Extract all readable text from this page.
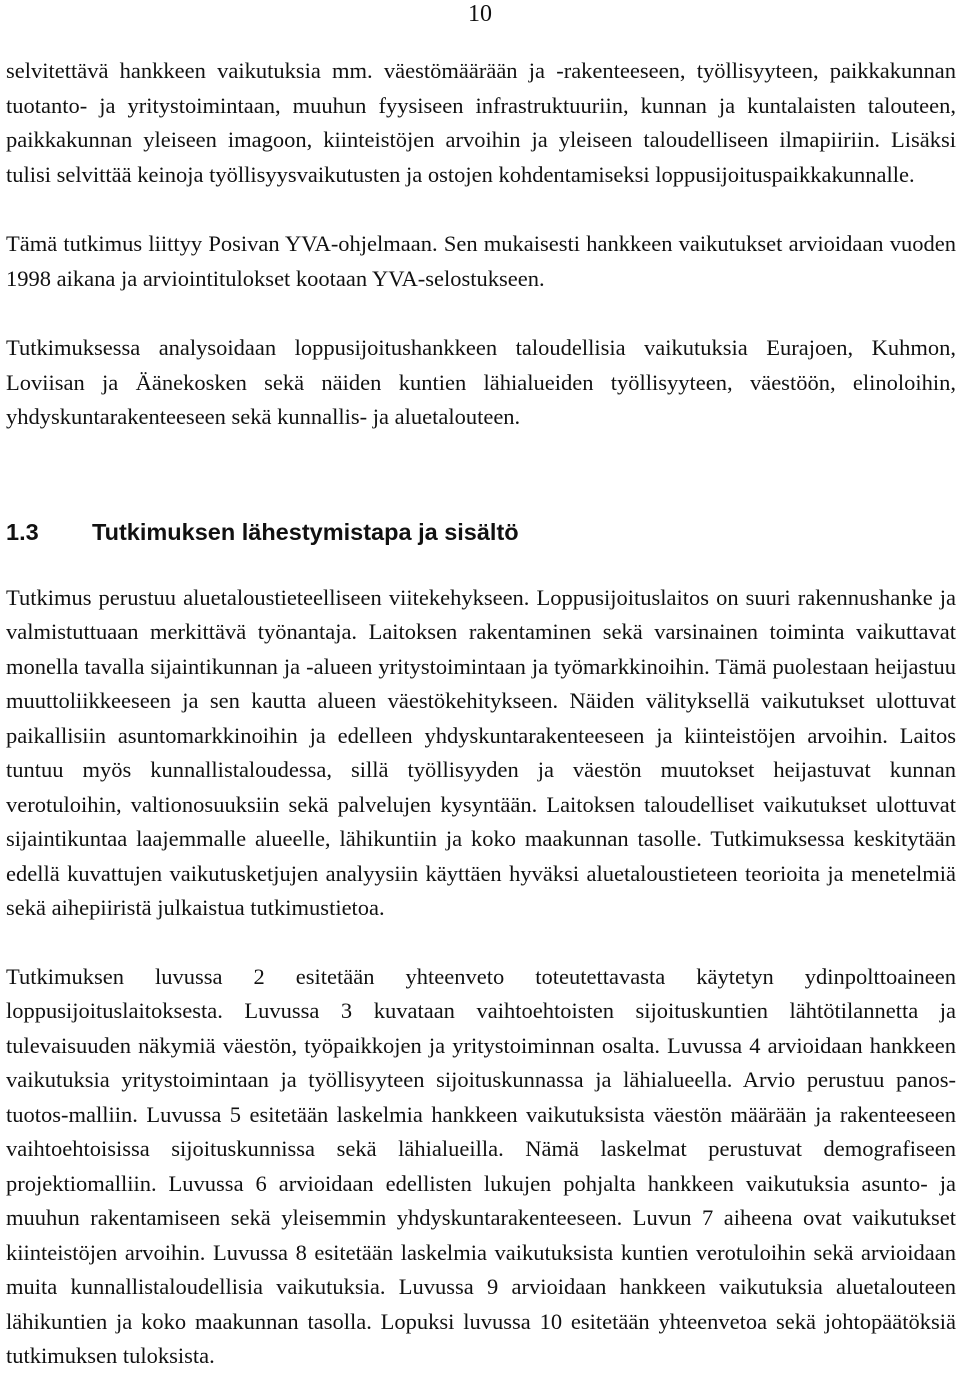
10

selvitettävä hankkeen vaikutuksia mm. väestömäärään ja -rakenteeseen, työllisyyteen, paikkakunnan tuotanto- ja yritystoimintaan, muuhun fyysiseen infrastruktuuriin, kunnan ja kuntalaisten talouteen, paikkakunnan yleiseen imagoon, kiinteistöjen arvoihin ja yleiseen taloudelliseen ilmapiiriin. Lisäksi tulisi selvittää keinoja työllisyysvaikutusten ja ostojen kohdentamiseksi loppusijoituspaikkakunnalle.

Tämä tutkimus liittyy Posivan YVA-ohjelmaan. Sen mukaisesti hankkeen vaikutukset arvioidaan vuoden 1998 aikana ja arviointitulokset kootaan YVA-selostukseen.

Tutkimuksessa analysoidaan loppusijoitushankkeen taloudellisia vaikutuksia Eurajoen, Kuhmon, Loviisan ja Äänekosken sekä näiden kuntien lähialueiden työllisyyteen, väestöön, elinoloihin, yhdyskuntarakenteeseen sekä kunnallis- ja aluetalouteen.

1.3	Tutkimuksen lähestymistapa ja sisältö

Tutkimus perustuu aluetaloustieteelliseen viitekehykseen. Loppusijoituslaitos on suuri rakennushanke ja valmistuttuaan merkittävä työnantaja. Laitoksen rakentaminen sekä varsinainen toiminta vaikuttavat monella tavalla sijaintikunnan ja -alueen yritystoimintaan ja työmarkkinoihin. Tämä puolestaan heijastuu muuttoliikkeeseen ja sen kautta alueen väestökehitykseen. Näiden välityksellä vaikutukset ulottuvat paikallisiin asuntomarkkinoihin ja edelleen yhdyskuntarakenteeseen ja kiinteistöjen arvoihin. Laitos tuntuu myös kunnallistaloudessa, sillä työllisyyden ja väestön muutokset heijastuvat kunnan verotuloihin, valtionosuuksiin sekä palvelujen kysyntään. Laitoksen taloudelliset vaikutukset ulottuvat sijaintikuntaa laajemmalle alueelle, lähikuntiin ja koko maakunnan tasolle. Tutkimuksessa keskitytään edellä kuvattujen vaikutusketjujen analyysiin käyttäen hyväksi aluetaloustieteen teorioita ja menetelmiä sekä aihepiiristä julkaistua tutkimustietoa.

Tutkimuksen luvussa 2 esitetään yhteenveto toteutettavasta käytetyn ydinpolttoaineen loppusijoituslaitoksesta. Luvussa 3 kuvataan vaihtoehtoisten sijoituskuntien lähtötilannetta ja tulevaisuuden näkymiä väestön, työpaikkojen ja yritystoiminnan osalta. Luvussa 4 arvioidaan hankkeen vaikutuksia yritystoimintaan ja työllisyyteen sijoituskunnassa ja lähialueella. Arvio perustuu panos-tuotos-malliin. Luvussa 5 esitetään laskelmia hankkeen vaikutuksista väestön määrään ja rakenteeseen vaihtoehtoisissa sijoituskunnissa sekä lähialueilla. Nämä laskelmat perustuvat demografiseen projektiomalliin. Luvussa 6 arvioidaan edellisten lukujen pohjalta hankkeen vaikutuksia asunto- ja muuhun rakentamiseen sekä yleisemmin yhdyskuntarakenteeseen. Luvun 7 aiheena ovat vaikutukset kiinteistöjen arvoihin. Luvussa 8 esitetään laskelmia vaikutuksista kuntien verotuloihin sekä arvioidaan muita kunnallistaloudellisia vaikutuksia. Luvussa 9 arvioidaan hankkeen vaikutuksia aluetalouteen lähikuntien ja koko maakunnan tasolla. Lopuksi luvussa 10 esitetään yhteenvetoa sekä johtopäätöksiä tutkimuksen tuloksista.
